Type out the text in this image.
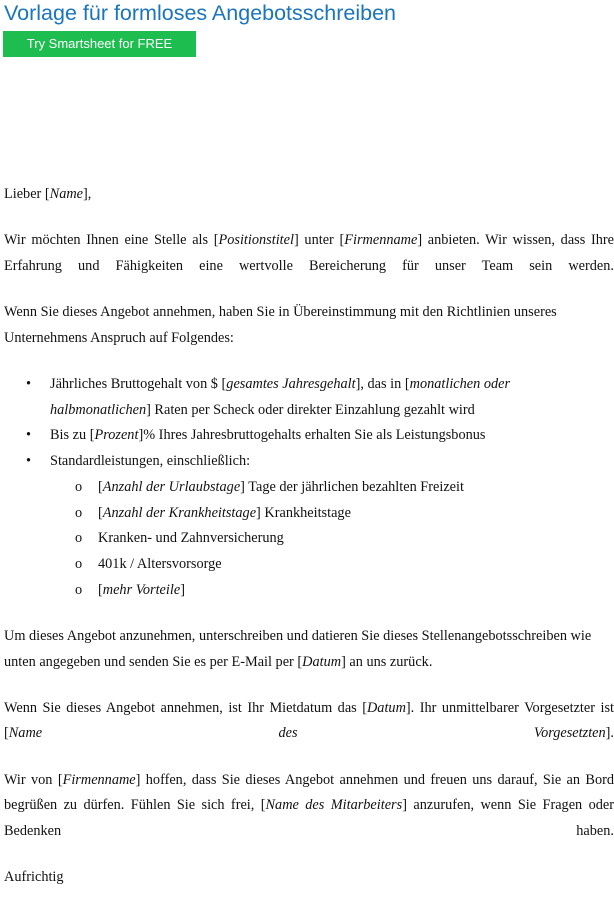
Vorlage für formloses Angebotsschreiben
Try Smartsheet for FREE

Lieber [Name],

Wir möchten Ihnen eine Stelle als [Positionstitel] unter [Firmenname] anbieten. Wir wissen, dass Ihre Erfahrung und Fähigkeiten eine wertvolle Bereicherung für unser Team sein werden.

Wenn Sie dieses Angebot annehmen, haben Sie in Übereinstimmung mit den Richtlinien unseres Unternehmens Anspruch auf Folgendes:

• Jährliches Bruttogehalt von $ [gesamtes Jahresgehalt], das in [monatlichen oder halbmonatlichen] Raten per Scheck oder direkter Einzahlung gezahlt wird
• Bis zu [Prozent]% Ihres Jahresbruttogehalts erhalten Sie als Leistungsbonus
• Standardleistungen, einschließlich:
o [Anzahl der Urlaubstage] Tage der jährlichen bezahlten Freizeit
o [Anzahl der Krankheitstage] Krankheitstage
o Kranken- und Zahnversicherung
o 401k / Altersvorsorge
o [mehr Vorteile]

Um dieses Angebot anzunehmen, unterschreiben und datieren Sie dieses Stellenangebotsschreiben wie unten angegeben und senden Sie es per E-Mail per [Datum] an uns zurück.

Wenn Sie dieses Angebot annehmen, ist Ihr Mietdatum das [Datum]. Ihr unmittelbarer Vorgesetzter ist [Name des Vorgesetzten].

Wir von [Firmenname] hoffen, dass Sie dieses Angebot annehmen und freuen uns darauf, Sie an Bord begrüßen zu dürfen. Fühlen Sie sich frei, [Name des Mitarbeiters] anzurufen, wenn Sie Fragen oder Bedenken haben.

Aufrichtig
